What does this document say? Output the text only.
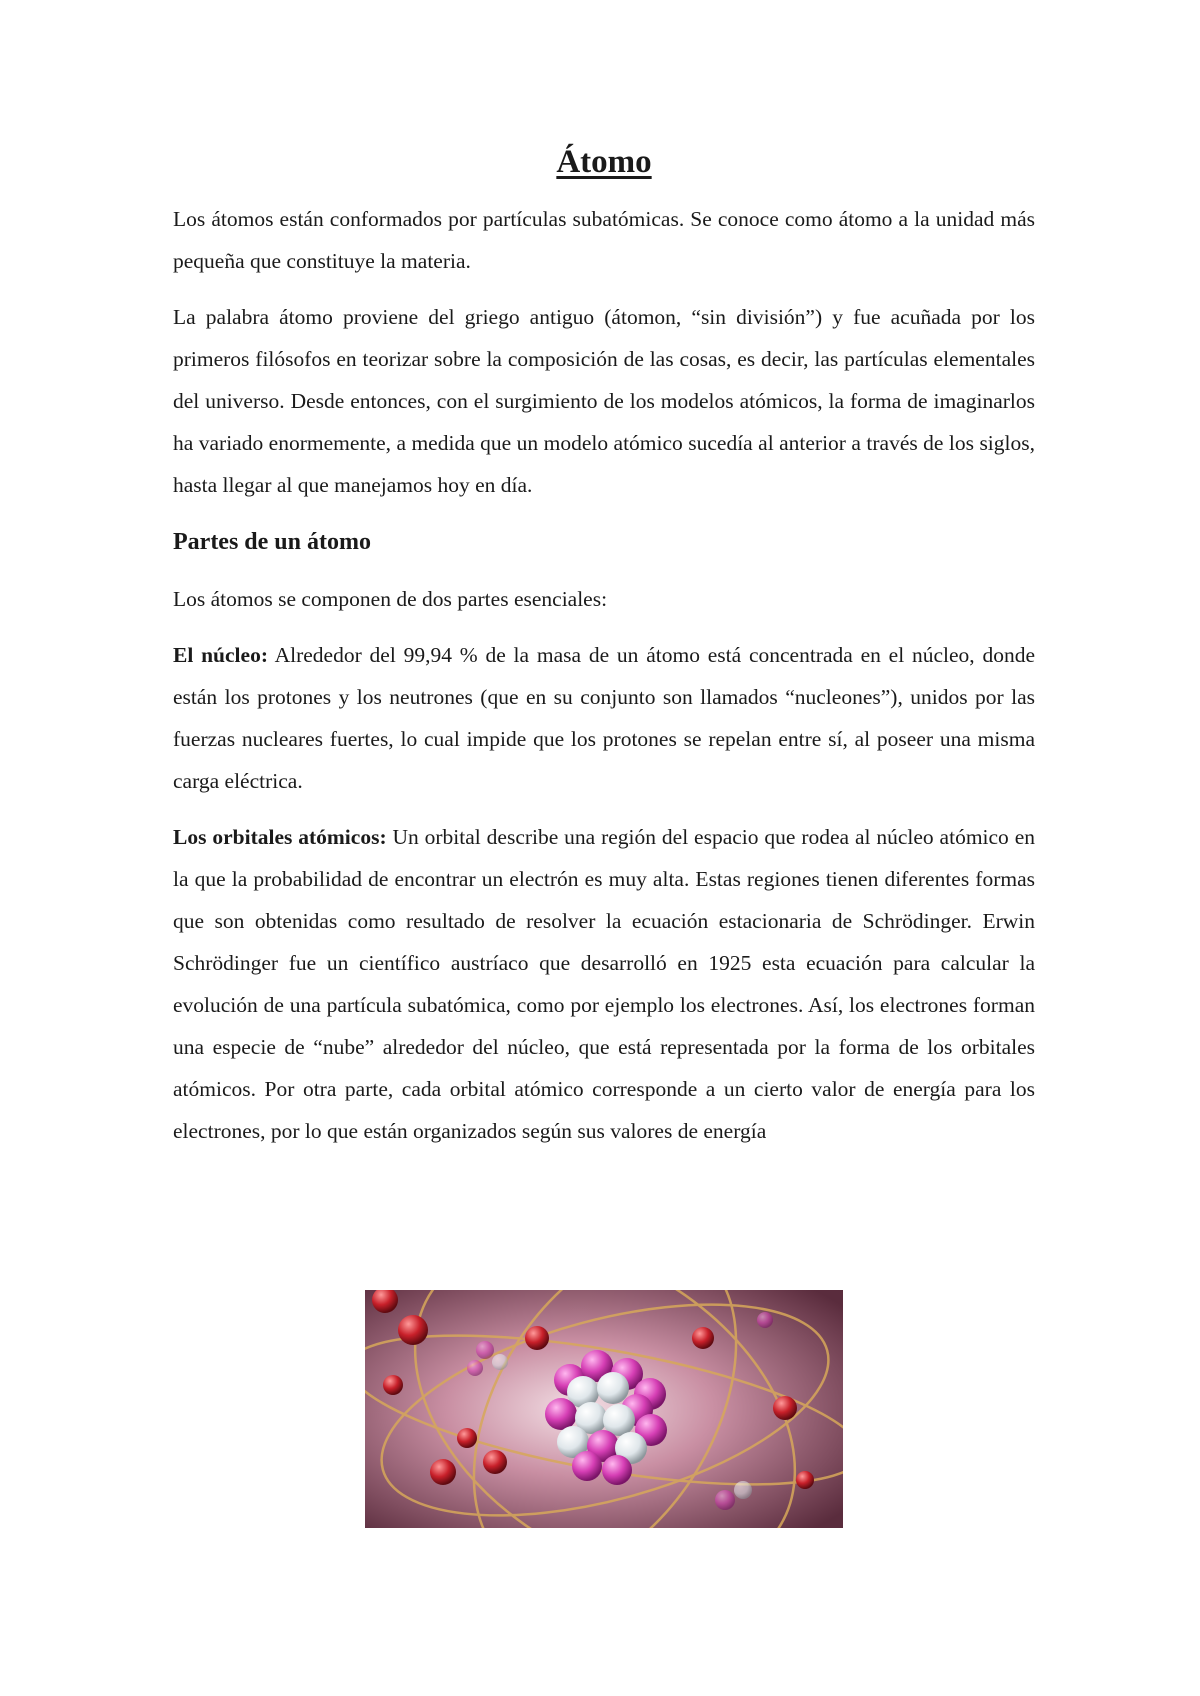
Átomo

Los átomos están conformados por partículas subatómicas. Se conoce como átomo a la unidad más pequeña que constituye la materia.

La palabra átomo proviene del griego antiguo (átomon, “sin división”) y fue acuñada por los primeros filósofos en teorizar sobre la composición de las cosas, es decir, las partículas elementales del universo. Desde entonces, con el surgimiento de los modelos atómicos, la forma de imaginarlos ha variado enormemente, a medida que un modelo atómico sucedía al anterior a través de los siglos, hasta llegar al que manejamos hoy en día.

Partes de un átomo

Los átomos se componen de dos partes esenciales:

El núcleo: Alrededor del 99,94 % de la masa de un átomo está concentrada en el núcleo, donde están los protones y los neutrones (que en su conjunto son llamados “nucleones”), unidos por las fuerzas nucleares fuertes, lo cual impide que los protones se repelan entre sí, al poseer una misma carga eléctrica.

Los orbitales atómicos: Un orbital describe una región del espacio que rodea al núcleo atómico en la que la probabilidad de encontrar un electrón es muy alta. Estas regiones tienen diferentes formas que son obtenidas como resultado de resolver la ecuación estacionaria de Schrödinger. Erwin Schrödinger fue un científico austríaco que desarrolló en 1925 esta ecuación para calcular la evolución de una partícula subatómica, como por ejemplo los electrones. Así, los electrones forman una especie de “nube” alrededor del núcleo, que está representada por la forma de los orbitales atómicos. Por otra parte, cada orbital atómico corresponde a un cierto valor de energía para los electrones, por lo que están organizados según sus valores de energía
